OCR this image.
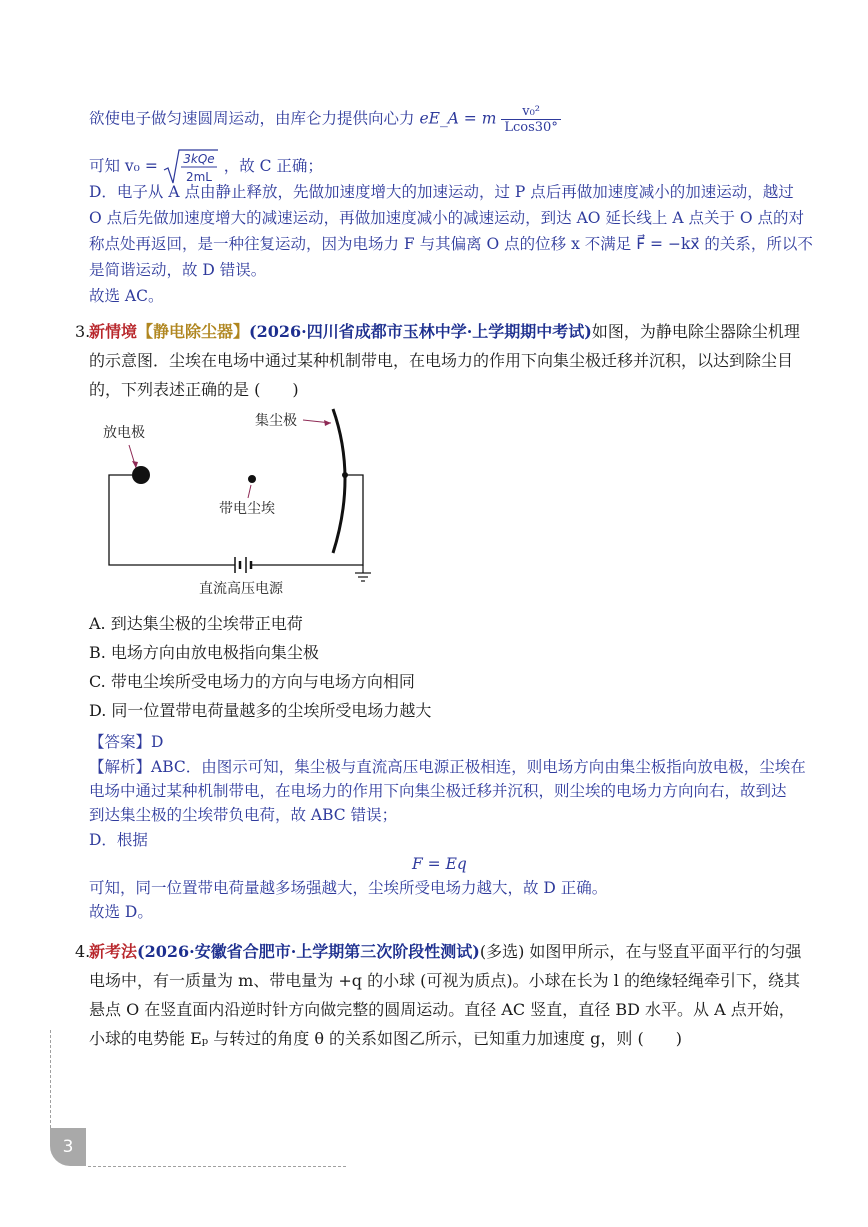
欲使电子做匀速圆周运动，由库仑力提供向心力 eE_A = m $\frac{\text{v₀²}}{Lcos30^\circ}$
可知 v₀ = 3kQe
2mL
，故 C 正确；
D．电子从 A 点由静止释放，先做加速度增大的加速运动，过 P 点后再做加速度减小的加速运动，越过
O 点后先做加速度增大的减速运动，再做加速度减小的减速运动，到达 AO 延长线上 A 点关于 O 点的对
称点处再返回，是一种往复运动，因为电场力 F 与其偏离 O 点的位移 x 不满足 F⃗ = −kx⃗ 的关系，所以不
是简谐运动，故 D 错误。
故选 AC。
3.
新情境【静电除尘器】(2026·四川省成都市玉林中学·上学期期中考试)如图，为静电除尘器除尘机理的示意图．尘埃在电场中通过某种机制带电，在电场力的作用下向集尘极迁移并沉积，以达到除尘目的，下列表述正确的是 (　　)
放电极
集尘极
带电尘埃
直流高压电源
A. 到达集尘极的尘埃带正电荷
B. 电场方向由放电极指向集尘极
C. 带电尘埃所受电场力的方向与电场方向相同
D. 同一位置带电荷量越多的尘埃所受电场力越大
【答案】D
【解析】ABC．由图示可知，集尘极与直流高压电源正极相连，则电场方向由集尘板指向放电极，尘埃在
电场中通过某种机制带电，在电场力的作用下向集尘极迁移并沉积，则尘埃的电场力方向向右，故到达
到达集尘极的尘埃带负电荷，故 ABC 错误；
D．根据
F = Eq
可知，同一位置带电荷量越多场强越大，尘埃所受电场力越大，故 D 正确。
故选 D。
4.
新考法(2026·安徽省合肥市·上学期第三次阶段性测试)(多选) 如图甲所示，在与竖直平面平行的匀强电场中，有一质量为 m、带电量为 +q 的小球 (可视为质点)。小球在长为 l 的绝缘轻绳牵引下，绕其悬点 O 在竖直面内沿逆时针方向做完整的圆周运动。直径 AC 竖直，直径 BD 水平。从 A 点开始，小球的电势能 Eₚ 与转过的角度 θ 的关系如图乙所示，已知重力加速度 g，则 (　　)
3
